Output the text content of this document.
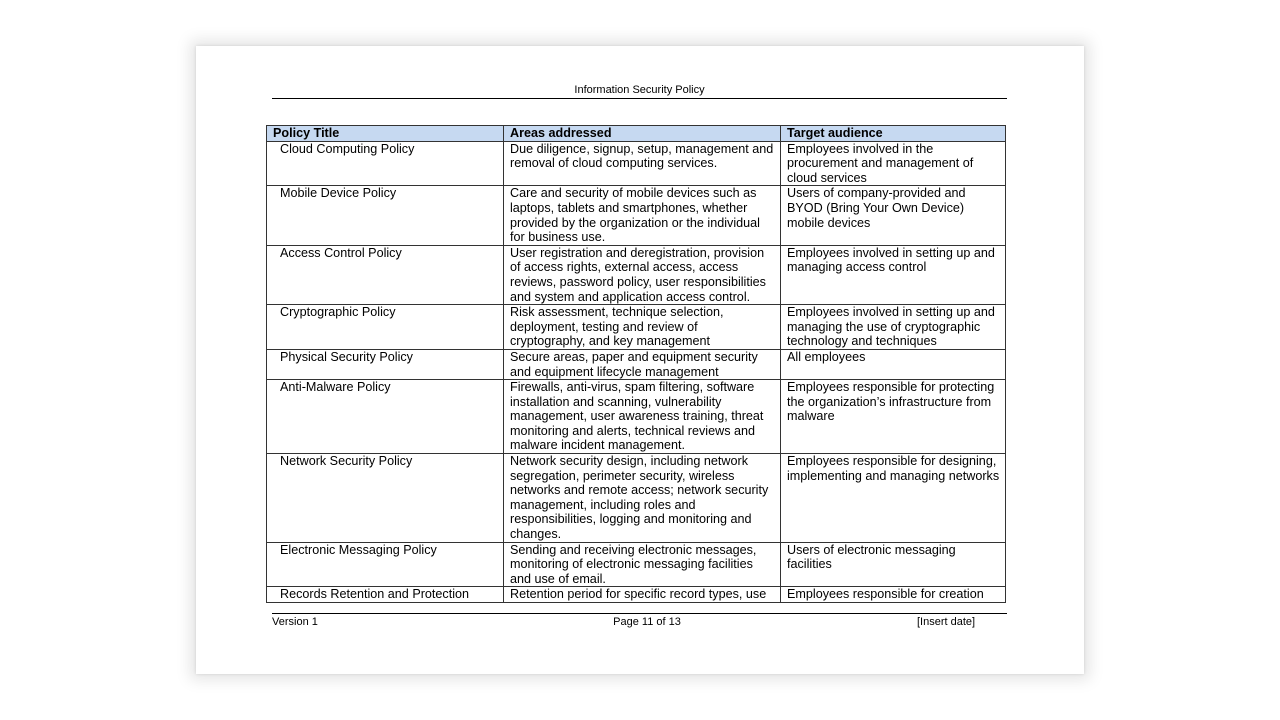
Information Security Policy
Policy Title	Areas addressed	Target audience
Cloud Computing Policy	Due diligence, signup, setup, management and removal of cloud computing services.	Employees involved in the procurement and management of cloud services
Mobile Device Policy	Care and security of mobile devices such as laptops, tablets and smartphones, whether provided by the organization or the individual for business use.	Users of company-provided and BYOD (Bring Your Own Device) mobile devices
Access Control Policy	User registration and deregistration, provision of access rights, external access, access reviews, password policy, user responsibilities and system and application access control.	Employees involved in setting up and managing access control
Cryptographic Policy	Risk assessment, technique selection, deployment, testing and review of cryptography, and key management	Employees involved in setting up and managing the use of cryptographic technology and techniques
Physical Security Policy	Secure areas, paper and equipment security and equipment lifecycle management	All employees
Anti-Malware Policy	Firewalls, anti-virus, spam filtering, software installation and scanning, vulnerability management, user awareness training, threat monitoring and alerts, technical reviews and malware incident management.	Employees responsible for protecting the organization’s infrastructure from malware
Network Security Policy	Network security design, including network segregation, perimeter security, wireless networks and remote access; network security management, including roles and responsibilities, logging and monitoring and changes.	Employees responsible for designing, implementing and managing networks
Electronic Messaging Policy	Sending and receiving electronic messages, monitoring of electronic messaging facilities and use of email.	Users of electronic messaging facilities
Records Retention and Protection	Retention period for specific record types, use	Employees responsible for creation
Version 1	Page 11 of 13	[Insert date]
